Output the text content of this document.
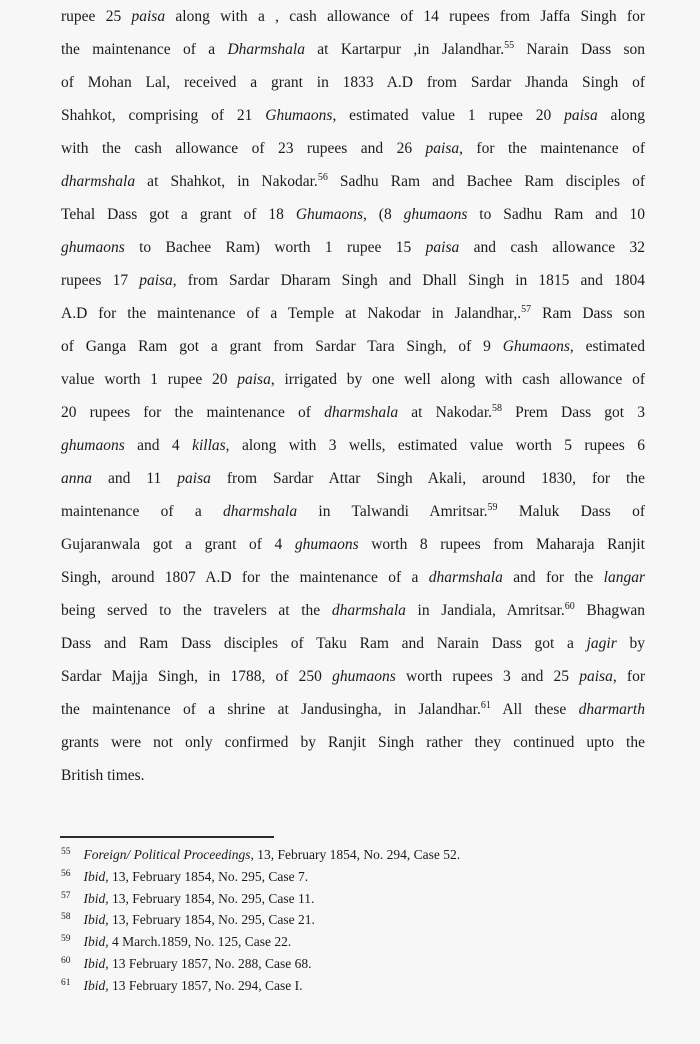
rupee 25 paisa along with a , cash allowance of 14 rupees from Jaffa Singh for
the maintenance of a Dharmshala at Kartarpur ,in Jalandhar.$^{55}$ Narain Dass son
of Mohan Lal, received a grant in 1833 A.D from Sardar Jhanda Singh of
Shahkot, comprising of 21 Ghumaons, estimated value 1 rupee 20 paisa along
with the cash allowance of 23 rupees and 26 paisa, for the maintenance of
dharmshala at Shahkot, in Nakodar.$^{56}$ Sadhu Ram and Bachee Ram disciples of
Tehal Dass got a grant of 18 Ghumaons, (8 ghumaons to Sadhu Ram and 10
ghumaons to Bachee Ram) worth 1 rupee 15 paisa and cash allowance 32
rupees 17 paisa, from Sardar Dharam Singh and Dhall Singh in 1815 and 1804
A.D for the maintenance of a Temple at Nakodar in Jalandhar,.$^{57}$ Ram Dass son
of Ganga Ram got a grant from Sardar Tara Singh, of 9 Ghumaons, estimated
value worth 1 rupee 20 paisa, irrigated by one well along with cash allowance of
20 rupees for the maintenance of dharmshala at Nakodar.$^{58}$ Prem Dass got 3
ghumaons and 4 killas, along with 3 wells, estimated value worth 5 rupees 6
anna and 11 paisa from Sardar Attar Singh Akali, around 1830, for the
maintenance of a dharmshala in Talwandi Amritsar.$^{59}$ Maluk Dass of
Gujaranwala got a grant of 4 ghumaons worth 8 rupees from Maharaja Ranjit
Singh, around 1807 A.D for the maintenance of a dharmshala and for the langar
being served to the travelers at the dharmshala in Jandiala, Amritsar.$^{60}$ Bhagwan
Dass and Ram Dass disciples of Taku Ram and Narain Dass got a jagir by
Sardar Majja Singh, in 1788, of 250 ghumaons worth rupees 3 and 25 paisa, for
the maintenance of a shrine at Jandusingha, in Jalandhar.$^{61}$ All these dharmarth
grants were not only confirmed by Ranjit Singh rather they continued upto the
British times.
$^{55}$ Foreign/ Political Proceedings, 13, February 1854, No. 294, Case 52.
$^{56}$ Ibid, 13, February 1854, No. 295, Case 7.
$^{57}$ Ibid, 13, February 1854, No. 295, Case 11.
$^{58}$ Ibid, 13, February 1854, No. 295, Case 21.
$^{59}$ Ibid, 4 March.1859, No. 125, Case 22.
$^{60}$ Ibid, 13 February 1857, No. 288, Case 68.
$^{61}$ Ibid, 13 February 1857, No. 294, Case I.
